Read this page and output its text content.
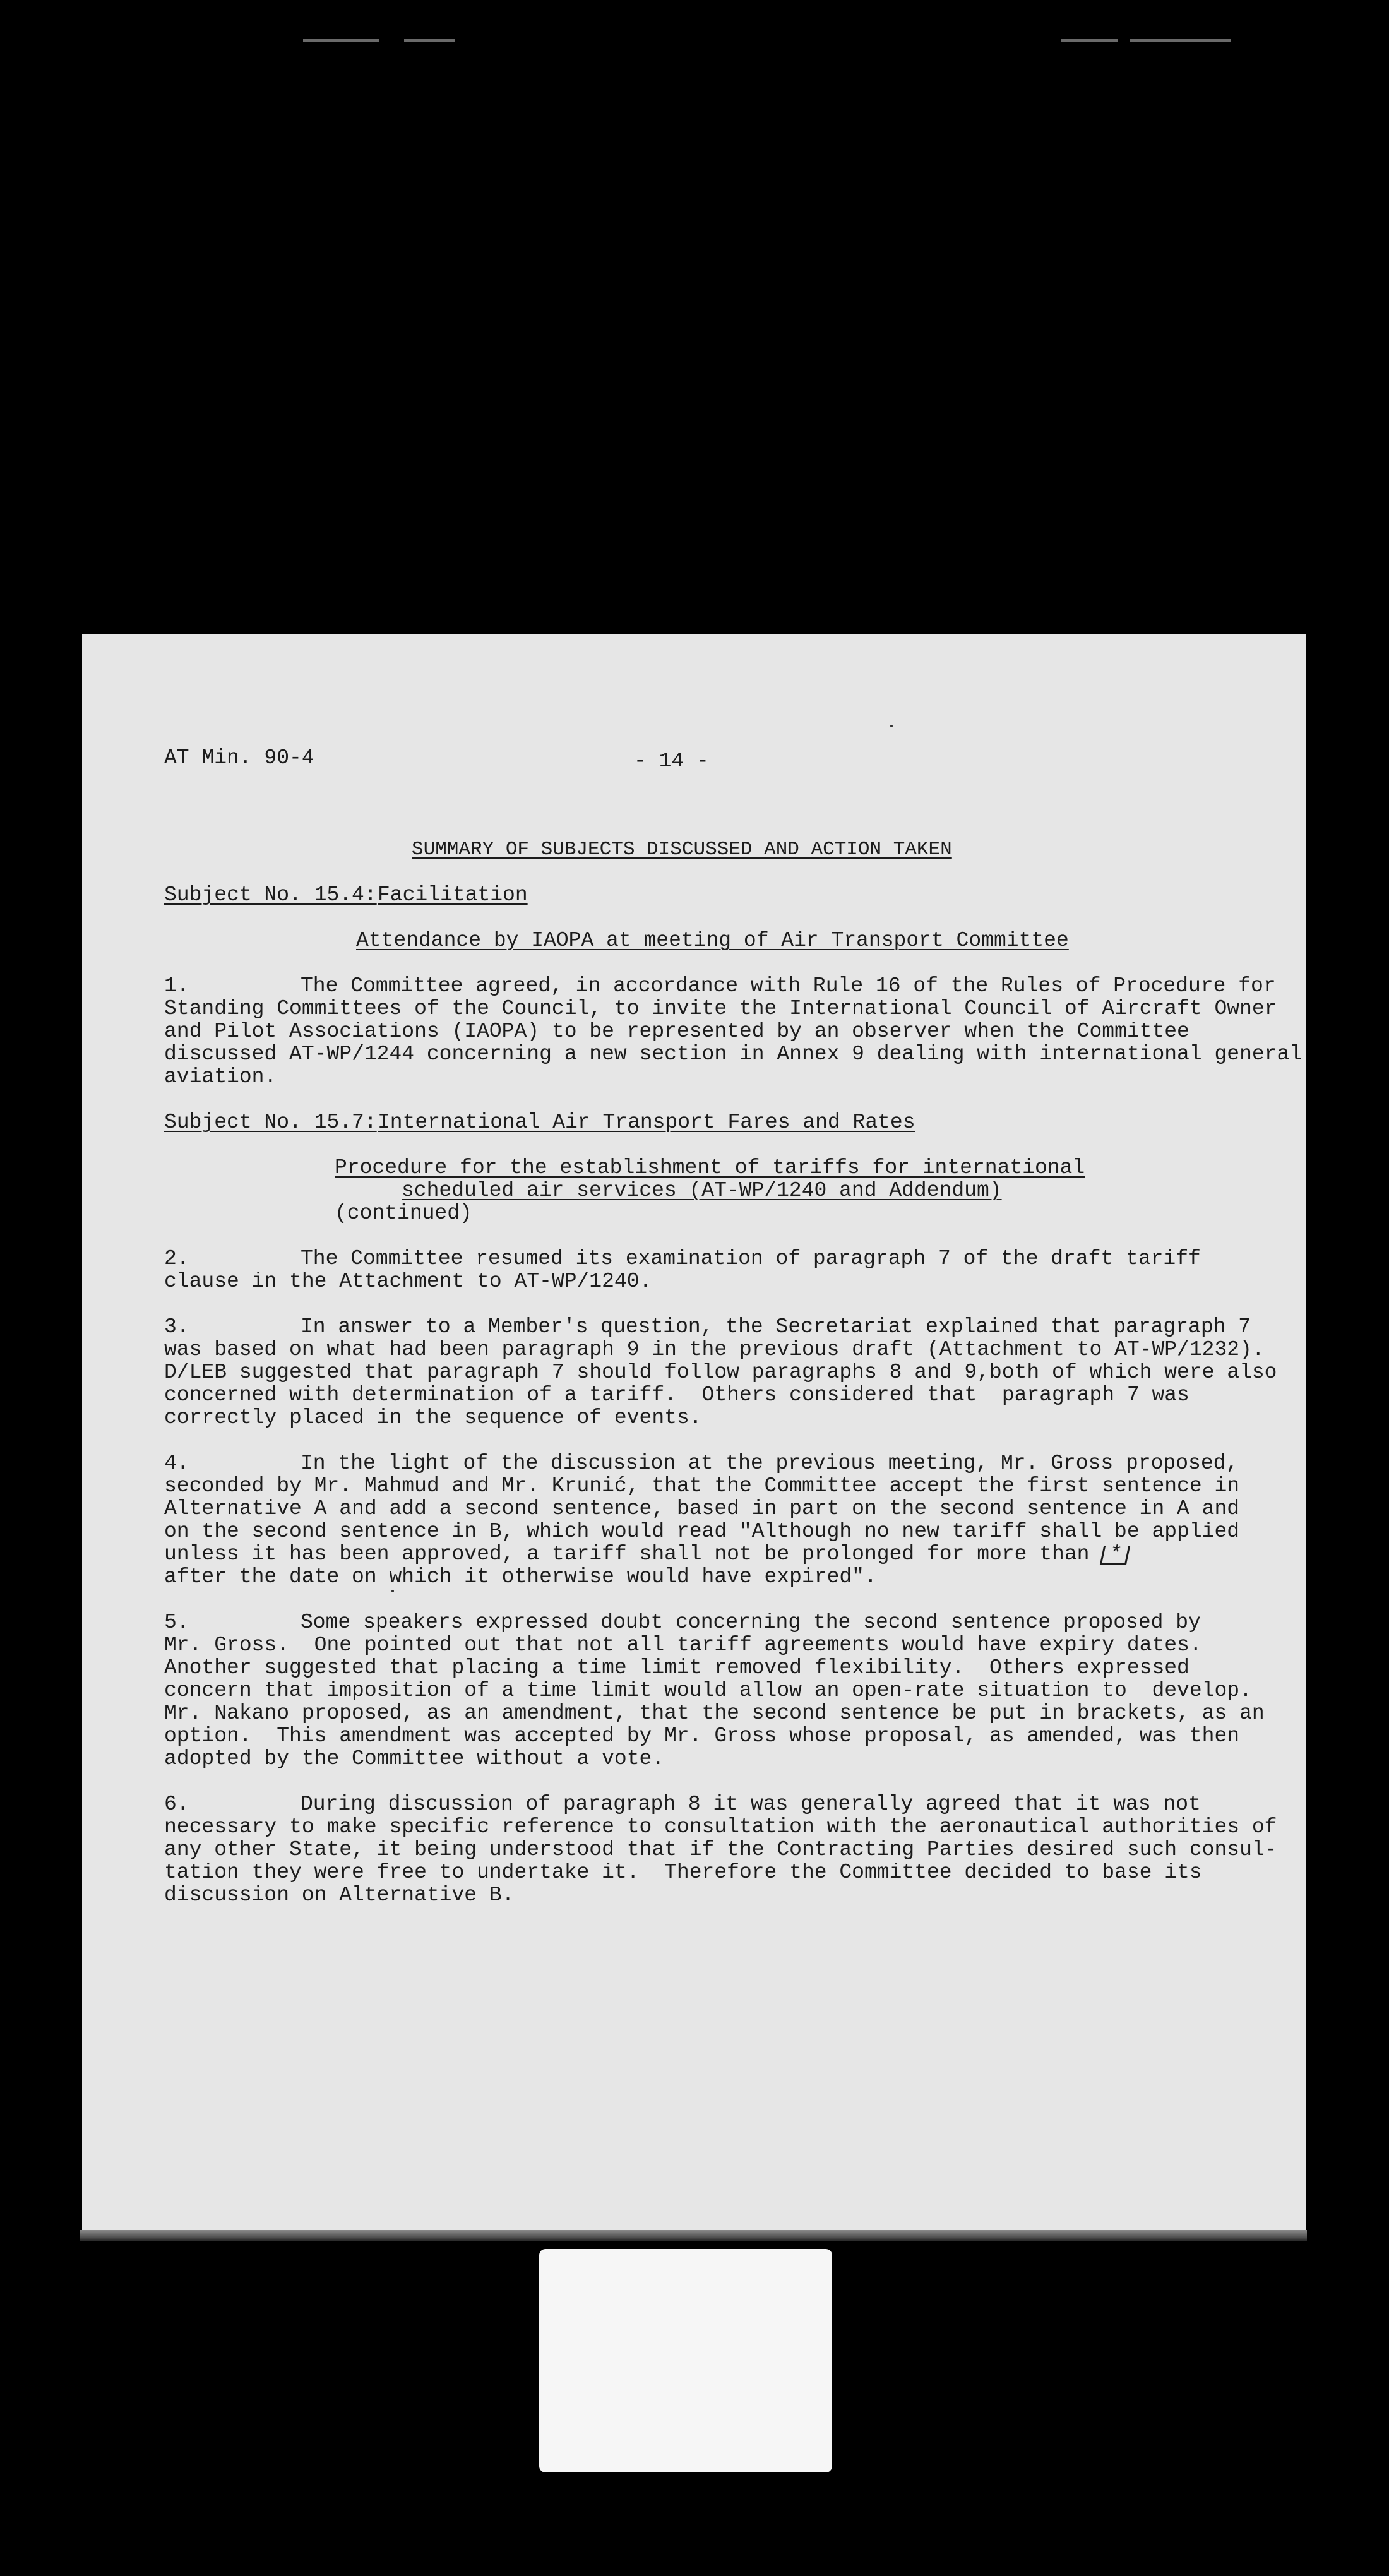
AT Min. 90-4	- 14 -
SUMMARY OF SUBJECTS DISCUSSED AND ACTION TAKEN
Subject No. 15.4: Facilitation
Attendance by IAOPA at meeting of Air Transport Committee
1.	The Committee agreed, in accordance with Rule 16 of the Rules of Procedure for
Standing Committees of the Council, to invite the International Council of Aircraft Owner
and Pilot Associations (IAOPA) to be represented by an observer when the Committee
discussed AT-WP/1244 concerning a new section in Annex 9 dealing with international general
aviation.
Subject No. 15.7: International Air Transport Fares and Rates
Procedure for the establishment of tariffs for international
scheduled air services (AT-WP/1240 and Addendum)
(continued)
2.	The Committee resumed its examination of paragraph 7 of the draft tariff
clause in the Attachment to AT-WP/1240.
3.	In answer to a Member's question, the Secretariat explained that paragraph 7
was based on what had been paragraph 9 in the previous draft (Attachment to AT-WP/1232).
D/LEB suggested that paragraph 7 should follow paragraphs 8 and 9,both of which were also
concerned with determination of a tariff.  Others considered that  paragraph 7 was
correctly placed in the sequence of events.
4.	In the light of the discussion at the previous meeting, Mr. Gross proposed,
seconded by Mr. Mahmud and Mr. Krunić, that the Committee accept the first sentence in
Alternative A and add a second sentence, based in part on the second sentence in A and
on the second sentence in B, which would read "Although no new tariff shall be applied
unless it has been approved, a tariff shall not be prolonged for more than *
after the date on which it otherwise would have expired".
5.	Some speakers expressed doubt concerning the second sentence proposed by
Mr. Gross.  One pointed out that not all tariff agreements would have expiry dates.
Another suggested that placing a time limit removed flexibility.  Others expressed
concern that imposition of a time limit would allow an open-rate situation to  develop.
Mr. Nakano proposed, as an amendment, that the second sentence be put in brackets, as an
option.  This amendment was accepted by Mr. Gross whose proposal, as amended, was then
adopted by the Committee without a vote.
6.	During discussion of paragraph 8 it was generally agreed that it was not
necessary to make specific reference to consultation with the aeronautical authorities of
any other State, it being understood that if the Contracting Parties desired such consul-
tation they were free to undertake it.  Therefore the Committee decided to base its
discussion on Alternative B.
